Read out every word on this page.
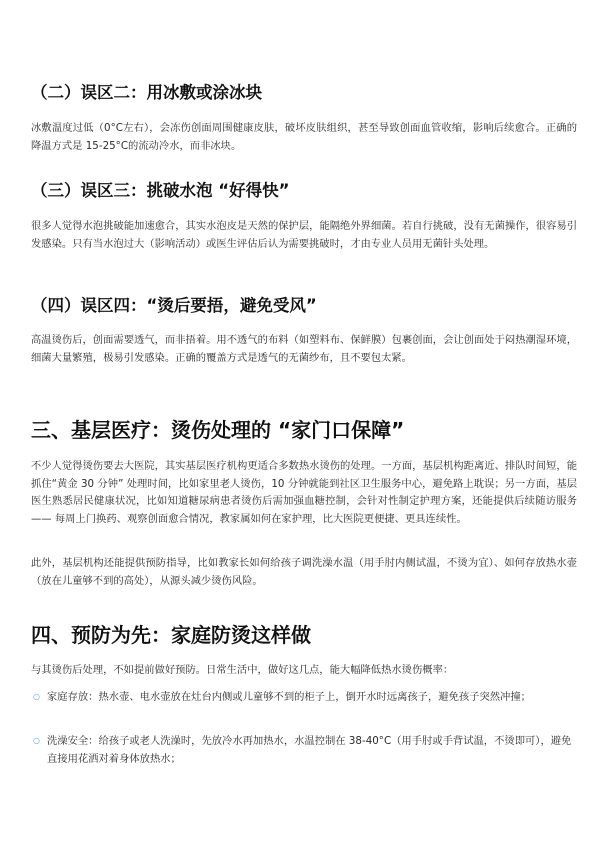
（二）误区二：用冰敷或涂冰块
冰敷温度过低（0°C左右），会冻伤创面周围健康皮肤，破坏皮肤组织，甚至导致创面血管收缩，影响后续愈合。正确的降温方式是 15-25°C的流动冷水，而非冰块。
（三）误区三：挑破水泡 “好得快”
很多人觉得水泡挑破能加速愈合，其实水泡皮是天然的保护层，能隔绝外界细菌。若自行挑破，没有无菌操作，很容易引发感染。只有当水泡过大（影响活动）或医生评估后认为需要挑破时，才由专业人员用无菌针头处理。
（四）误区四：“烫后要捂，避免受风”
高温烫伤后，创面需要透气，而非捂着。用不透气的布料（如塑料布、保鲜膜）包裹创面，会让创面处于闷热潮湿环境，细菌大量繁殖，极易引发感染。正确的覆盖方式是透气的无菌纱布，且不要包太紧。
三、基层医疗：烫伤处理的 “家门口保障”
不少人觉得烫伤要去大医院，其实基层医疗机构更适合多数热水烫伤的处理。一方面，基层机构距离近、排队时间短，能抓住“黄金 30 分钟” 处理时间，比如家里老人烫伤，10 分钟就能到社区卫生服务中心，避免路上耽误；另一方面，基层医生熟悉居民健康状况，比如知道糖尿病患者烫伤后需加强血糖控制，会针对性制定护理方案，还能提供后续随访服务 —— 每周上门换药、观察创面愈合情况，教家属如何在家护理，比大医院更便捷、更具连续性。
此外，基层机构还能提供预防指导，比如教家长如何给孩子调洗澡水温（用手肘内侧试温，不烫为宜）、如何存放热水壶（放在儿童够不到的高处），从源头减少烫伤风险。
四、预防为先：家庭防烫这样做
与其烫伤后处理，不如提前做好预防。日常生活中，做好这几点，能大幅降低热水烫伤概率：
○ 家庭存放：热水壶、电水壶放在灶台内侧或儿童够不到的柜子上，倒开水时远离孩子，避免孩子突然冲撞；
○ 洗澡安全：给孩子或老人洗澡时，先放冷水再加热水，水温控制在 38-40°C（用手肘或手背试温，不烫即可），避免直接用花洒对着身体放热水；
